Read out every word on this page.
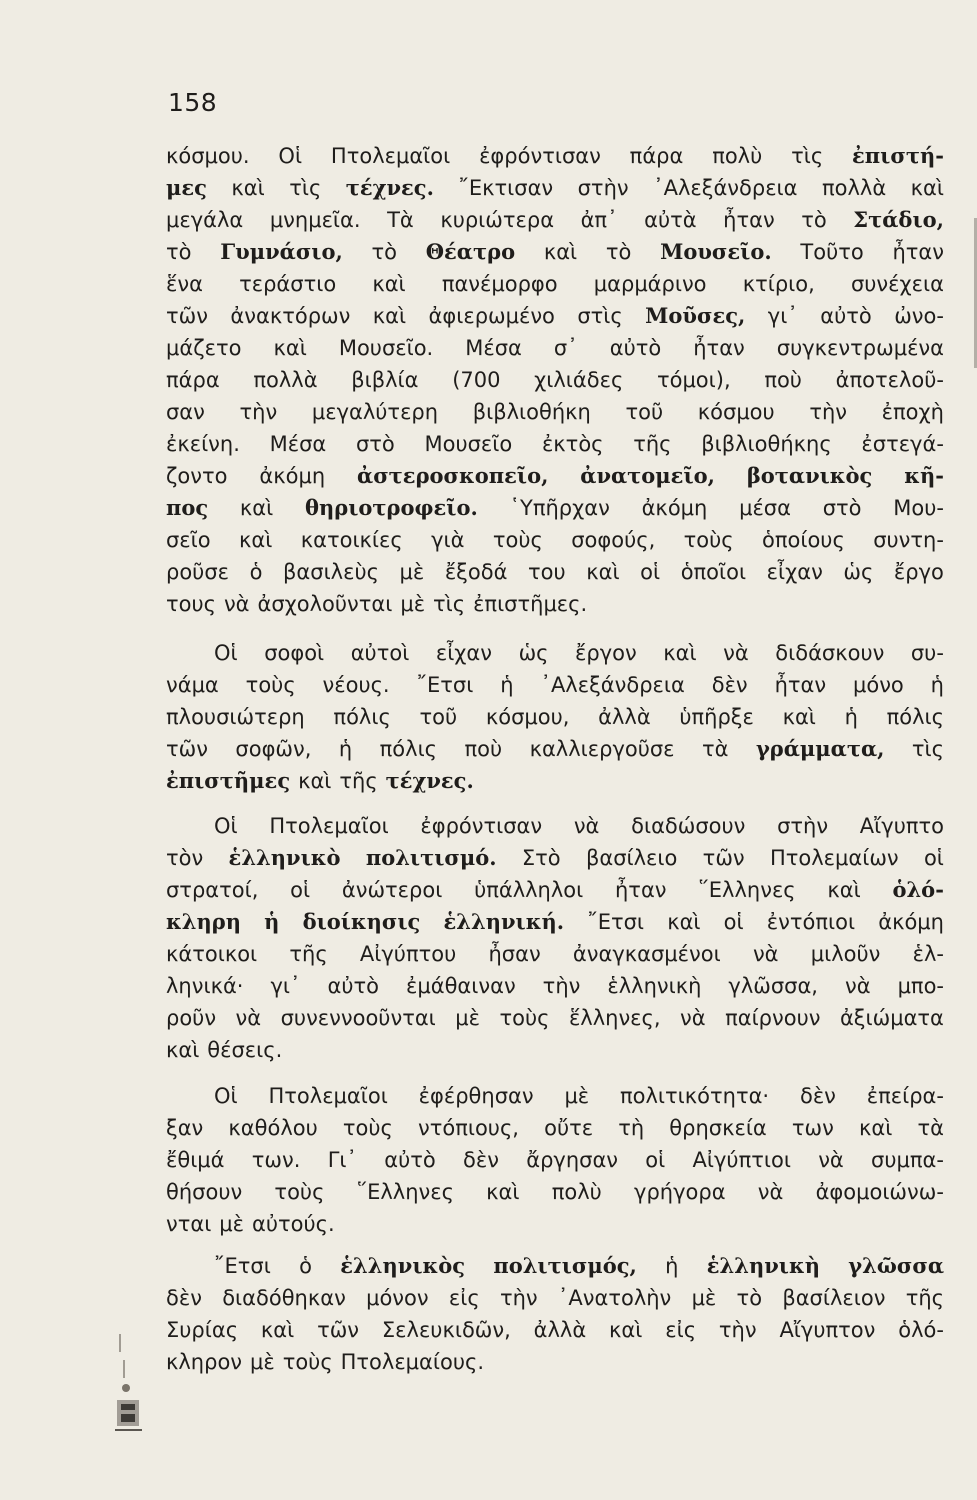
158
κόσμου. Οἱ Πτολεμαῖοι ἐφρόντισαν πάρα πολὺ τὶς ἐπιστή-
μες καὶ τὶς τέχνες. ῎Εκτισαν στὴν ᾿Αλεξάνδρεια πολλὰ καὶ
μεγάλα μνημεῖα. Τὰ κυριώτερα ἀπ᾿ αὐτὰ ἦταν τὸ Στάδιο,
τὸ Γυμνάσιο, τὸ Θέατρο καὶ τὸ Μουσεῖο. Τοῦτο ἦταν
ἕνα τεράστιο καὶ πανέμορφο μαρμάρινο κτίριο, συνέχεια
τῶν ἀνακτόρων καὶ ἀφιερωμένο στὶς Μοῦσες, γι᾿ αὐτὸ ὠνο-
μάζετο καὶ Μουσεῖο. Μέσα σ᾿ αὐτὸ ἦταν συγκεντρωμένα
πάρα πολλὰ βιβλία (700 χιλιάδες τόμοι), ποὺ ἀποτελοῦ-
σαν τὴν μεγαλύτερη βιβλιοθήκη τοῦ κόσμου τὴν ἐποχὴ
ἐκείνη. Μέσα στὸ Μουσεῖο ἐκτὸς τῆς βιβλιοθήκης ἐστεγά-
ζοντο ἀκόμη ἀστεροσκοπεῖο, ἀνατομεῖο, βοτανικὸς κῆ-
πος καὶ θηριοτροφεῖο. ῾Υπῆρχαν ἀκόμη μέσα στὸ Μου-
σεῖο καὶ κατοικίες γιὰ τοὺς σοφούς, τοὺς ὁποίους συντη-
ροῦσε ὁ βασιλεὺς μὲ ἔξοδά του καὶ οἱ ὁποῖοι εἶχαν ὡς ἔργο
τους νὰ ἀσχολοῦνται μὲ τὶς ἐπιστῆμες.
Οἱ σοφοὶ αὐτοὶ εἶχαν ὡς ἔργον καὶ νὰ διδάσκουν συ-
νάμα τοὺς νέους. ῎Ετσι ἡ ᾿Αλεξάνδρεια δὲν ἦταν μόνο ἡ
πλουσιώτερη πόλις τοῦ κόσμου, ἀλλὰ ὑπῆρξε καὶ ἡ πόλις
τῶν σοφῶν, ἡ πόλις ποὺ καλλιεργοῦσε τὰ γράμματα, τὶς
ἐπιστῆμες καὶ τῆς τέχνες.
Οἱ Πτολεμαῖοι ἐφρόντισαν νὰ διαδώσουν στὴν Αἴγυπτο
τὸν ἑλληνικὸ πολιτισμό. Στὸ βασίλειο τῶν Πτολεμαίων οἱ
στρατοί, οἱ ἀνώτεροι ὑπάλληλοι ἦταν ῞Ελληνες καὶ ὁλό-
κληρη ἡ διοίκησις ἑλληνική. ῎Ετσι καὶ οἱ ἐντόπιοι ἀκόμη
κάτοικοι τῆς Αἰγύπτου ἦσαν ἀναγκασμένοι νὰ μιλοῦν ἑλ-
ληνικά· γι᾿ αὐτὸ ἐμάθαιναν τὴν ἑλληνικὴ γλῶσσα, νὰ μπο-
ροῦν νὰ συνεννοοῦνται μὲ τοὺς ἕλληνες, νὰ παίρνουν ἀξιώματα
καὶ θέσεις.
Οἱ Πτολεμαῖοι ἐφέρθησαν μὲ πολιτικότητα· δὲν ἐπείρα-
ξαν καθόλου τοὺς ντόπιους, οὔτε τὴ θρησκεία των καὶ τὰ
ἔθιμά των. Γι᾿ αὐτὸ δὲν ἄργησαν οἱ Αἰγύπτιοι νὰ συμπα-
θήσουν τοὺς ῞Ελληνες καὶ πολὺ γρήγορα νὰ ἀφομοιώνω-
νται μὲ αὐτούς.
῎Ετσι ὁ ἑλληνικὸς πολιτισμός, ἡ ἑλληνικὴ γλῶσσα
δὲν διαδόθηκαν μόνον εἰς τὴν ᾿Ανατολὴν μὲ τὸ βασίλειον τῆς
Συρίας καὶ τῶν Σελευκιδῶν, ἀλλὰ καὶ εἰς τὴν Αἴγυπτον ὁλό-
κληρον μὲ τοὺς Πτολεμαίους.
